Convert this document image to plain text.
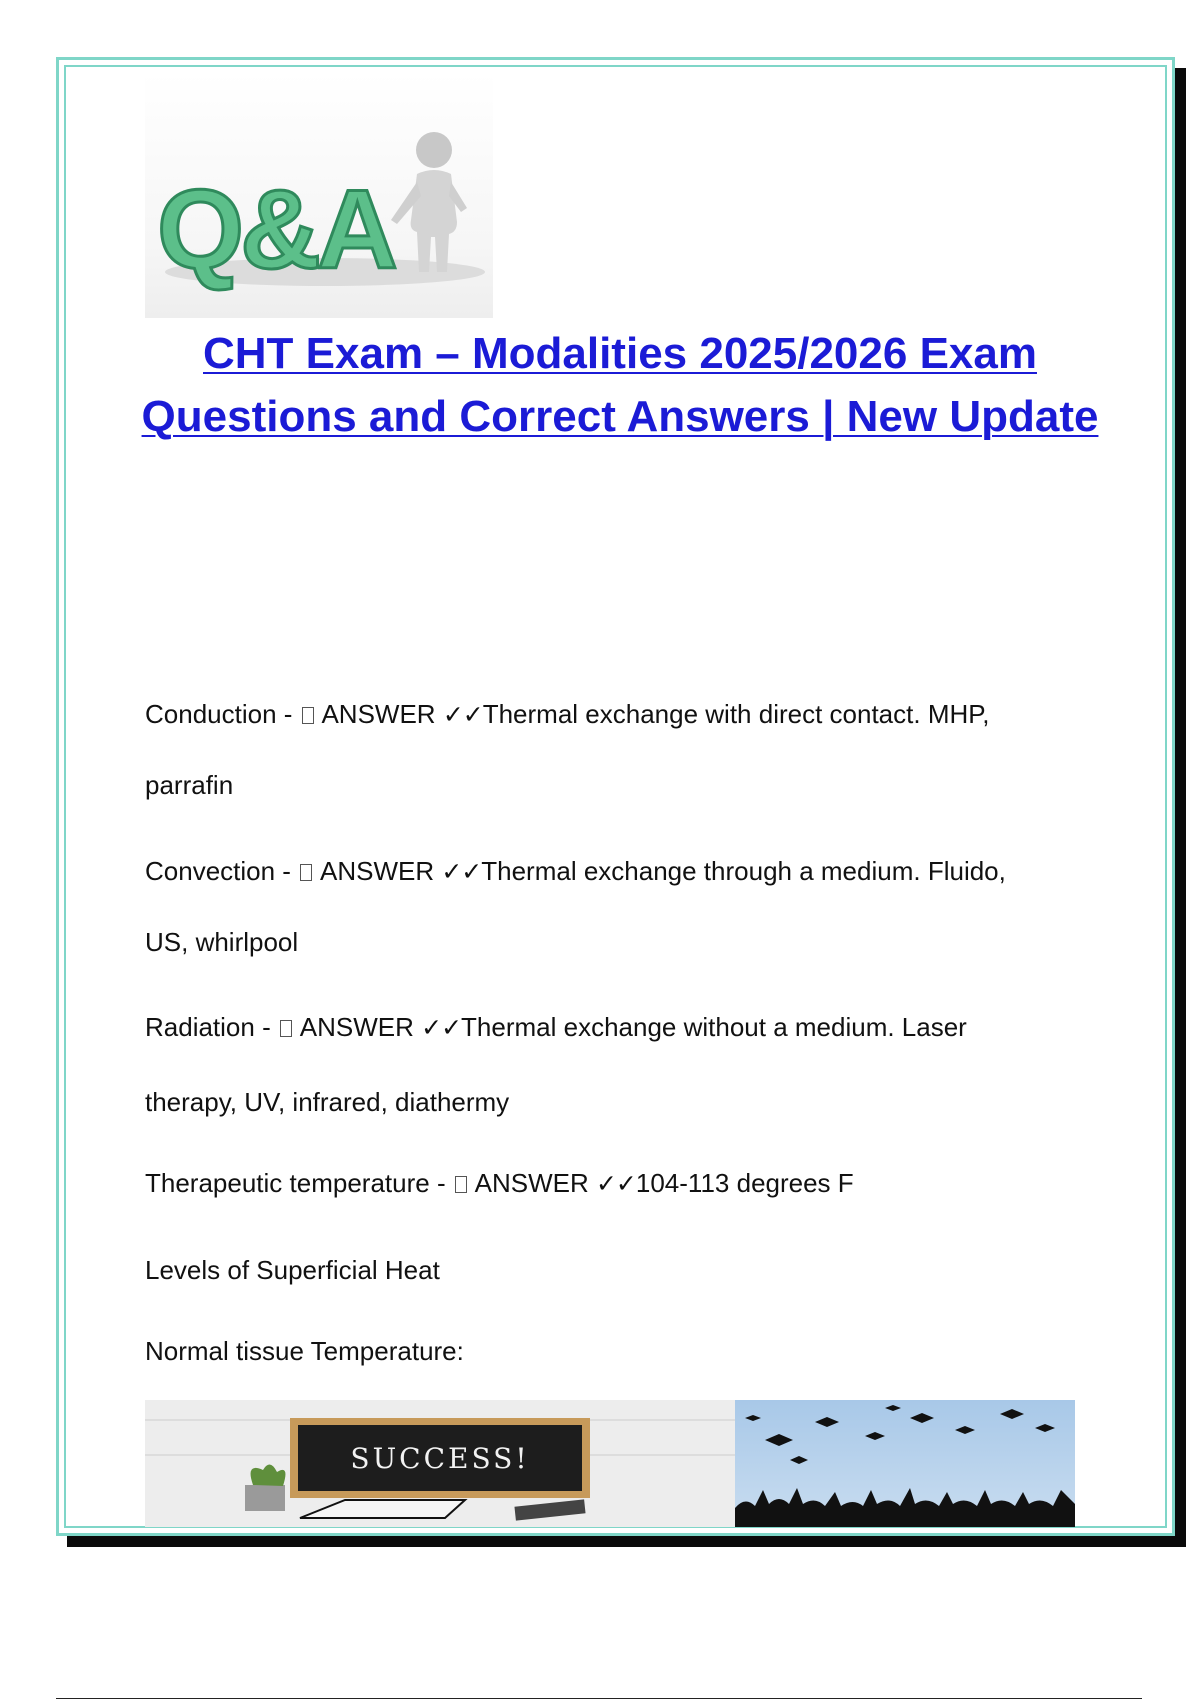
Q&A
CHT Exam – Modalities 2025/2026 Exam Questions and Correct Answers | New Update
Conduction -  ANSWER ✓✓Thermal exchange with direct contact. MHP,
parrafin
Convection -  ANSWER ✓✓Thermal exchange through a medium. Fluido,
US, whirlpool
Radiation -  ANSWER ✓✓Thermal exchange without a medium. Laser
therapy, UV, infrared, diathermy
Therapeutic temperature -  ANSWER ✓✓104-113 degrees F

Levels of Superficial Heat

Normal tissue Temperature:

SUCCESS!
